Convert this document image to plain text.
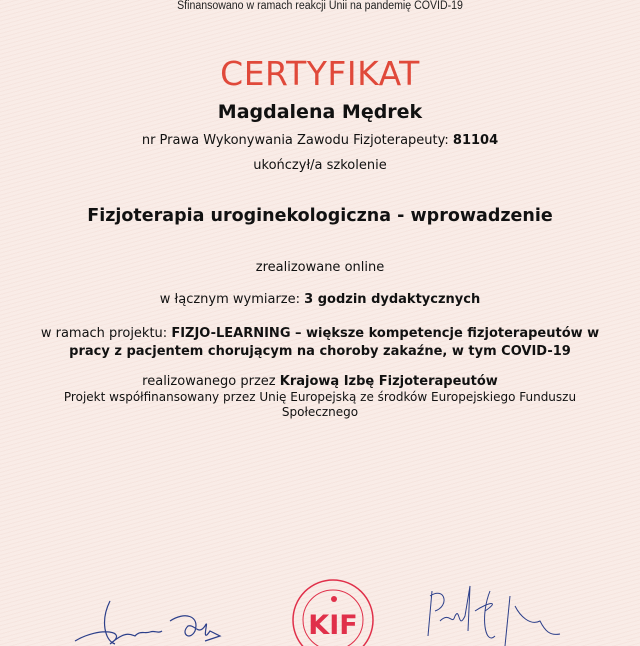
Sfinansowano w ramach reakcji Unii na pandemię COVID-19
CERTYFIKAT
Magdalena Mędrek
nr Prawa Wykonywania Zawodu Fizjoterapeuty: 81104
ukończył/a szkolenie
Fizjoterapia uroginekologiczna - wprowadzenie
zrealizowane online
w łącznym wymiarze: 3 godzin dydaktycznych
w ramach projektu: FIZJO-LEARNING – większe kompetencje fizjoterapeutów w
pracy z pacjentem chorującym na choroby zakaźne, w tym COVID-19
realizowanego przez Krajową Izbę Fizjoterapeutów
Projekt współfinansowany przez Unię Europejską ze środków Europejskiego Funduszu
Społecznego
KIF
